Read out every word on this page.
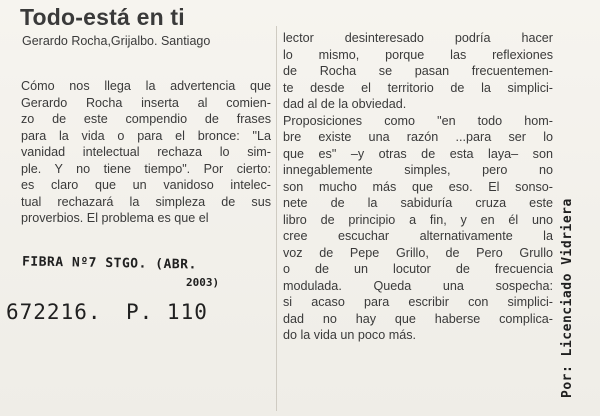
Todo-está en ti
Gerardo Rocha,Grijalbo. Santiago
Cómo nos llega la advertencia que
Gerardo Rocha inserta al comien-
zo de este compendio de frases
para la vida o para el bronce: "La
vanidad intelectual rechaza lo sim-
ple. Y no tiene tiempo". Por cierto:
es claro que un vanidoso intelec-
tual rechazará la simpleza de sus
proverbios. El problema es que el
lector desinteresado podría hacer
lo mismo, porque las reflexiones
de Rocha se pasan frecuentemen-
te desde el territorio de la simplici-
dad al de la obviedad.
Proposiciones como "en todo hom-
bre existe una razón ...para ser lo
que es" –y otras de esta laya– son
innegablemente simples, pero no
son mucho más que eso. El sonso-
nete de la sabiduría cruza este
libro de principio a fin, y en él uno
cree escuchar alternativamente la
voz de Pepe Grillo, de Pero Grullo
o de un locutor de frecuencia
modulada. Queda una sospecha:
si acaso para escribir con simplici-
dad no hay que haberse complica-
do la vida un poco más.
FIBRA Nº7 STGO. (ABR.
2003)
672216. P. 110	Por: Licenciado Vidriera
